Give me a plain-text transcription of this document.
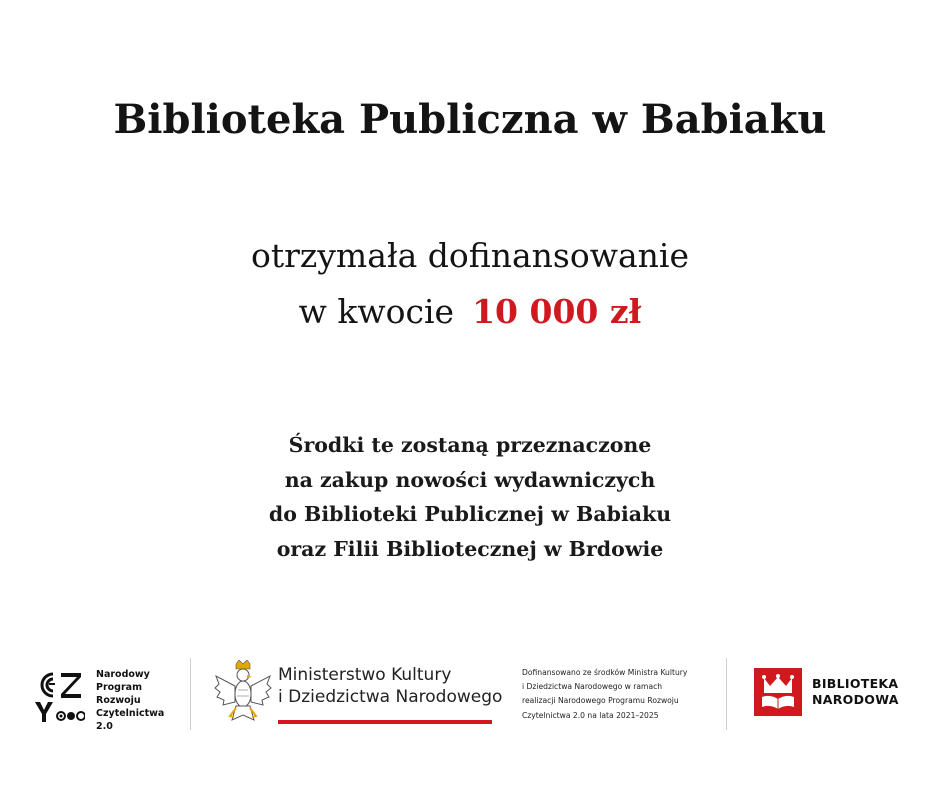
Biblioteka Publiczna w Babiaku
otrzymała dofinansowanie
w kwocie 10 000 zł
Środki te zostaną przeznaczone
na zakup nowości wydawniczych
do Biblioteki Publicznej w Babiaku
oraz Filii Bibliotecznej w Brdowie
Narodowy
Program
Rozwoju
Czytelnictwa
2.0
Ministerstwo Kultury
i Dziedzictwa Narodowego
Dofinansowano ze środków Ministra Kultury
i Dziedzictwa Narodowego w ramach
realizacji Narodowego Programu Rozwoju
Czytelnictwa 2.0 na lata 2021–2025
BIBLIOTEKA
NARODOWA
